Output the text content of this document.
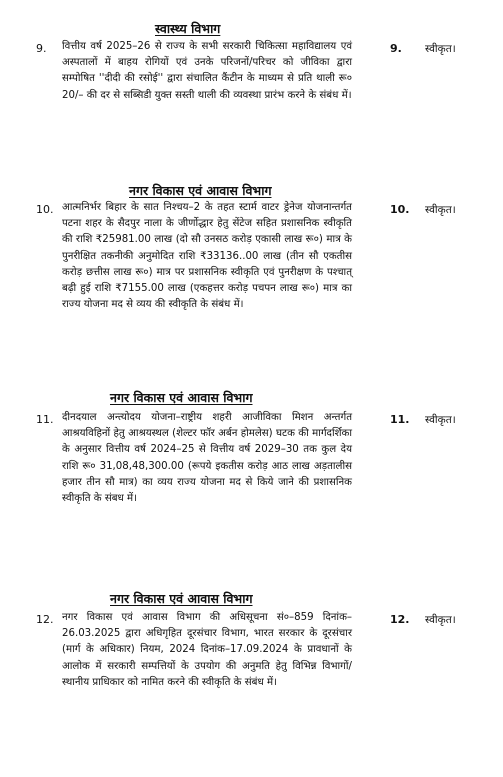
स्वास्थ्य विभाग
9. वित्तीय वर्ष 2025–26 से राज्य के सभी सरकारी चिकित्सा महाविद्यालय एवं अस्पतालों में बाहय रोगियों एवं उनके परिजनों/परिचर को जीविका द्वारा सम्पोषित ''दीदी की रसोई'' द्वारा संचालित कैंटीन के माध्यम से प्रति थाली रू० 20/– की दर से सब्सिडी युक्त सस्ती थाली की व्यवस्था प्रारंभ करने के संबंध में।
9. स्वीकृत।
नगर विकास एवं आवास विभाग
10. आत्मनिर्भर बिहार के सात निश्चय–2 के तहत स्टार्म वाटर ड्रेनेज योजनान्तर्गत पटना शहर के सैदपुर नाला के जीर्णोद्धार हेतु सेंटेज सहित प्रशासनिक स्वीकृति की राशि ₹25981.00 लाख (दो सौ उनसठ करोड़ एकासी लाख रू०) मात्र के पुनरीक्षित तकनीकी अनुमोदित राशि ₹33136..00 लाख (तीन सौ एकतीस करोड़ छत्तीस लाख रू०) मात्र पर प्रशासनिक स्वीकृति एवं पुनरीक्षण के पश्चात् बढ़ी हुई राशि ₹7155.00 लाख (एकहत्तर करोड़ पचपन लाख रू०) मात्र का राज्य योजना मद से व्यय की स्वीकृति के संबंध में।
10. स्वीकृत।
नगर विकास एवं आवास विभाग
11. दीनदयाल अन्त्योदय योजना–राष्ट्रीय शहरी आजीविका मिशन अन्तर्गत आश्रयविहिनों हेतु आश्रयस्थल (शेल्टर फॉर अर्बन होमलेस) घटक की मार्गदर्शिका के अनुसार वित्तीय वर्ष 2024–25 से वित्तीय वर्ष 2029–30 तक कुल देय राशि रू० 31,08,48,300.00 (रूपये इकतीस करोड़ आठ लाख अड़तालीस हजार तीन सौ मात्र) का व्यय राज्य योजना मद से किये जाने की प्रशासनिक स्वीकृति के संबध में।
11. स्वीकृत।
नगर विकास एवं आवास विभाग
12. नगर विकास एवं आवास विभाग की अधिसूचना सं०–859 दिनांक–26.03.2025 द्वारा अधिगृहित दूरसंचार विभाग, भारत सरकार के दूरसंचार (मार्ग के अधिकार) नियम, 2024 दिनांक–17.09.2024 के प्रावधानों के आलोक में सरकारी सम्पत्तियों के उपयोग की अनुमति हेतु विभिन्न विभागों/स्थानीय प्राधिकार को नामित करने की स्वीकृति के संबंध में।
12. स्वीकृत।
